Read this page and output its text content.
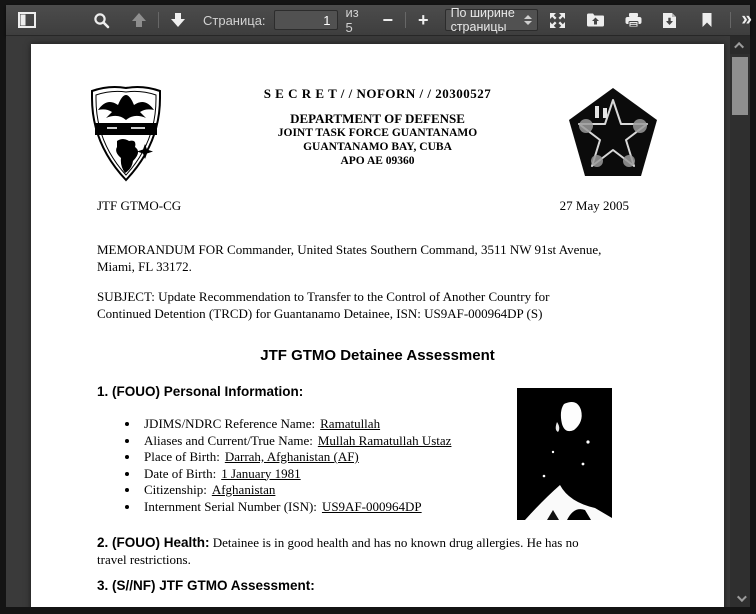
Страница:
1	из 5	− + По ширине страницы	»
S E C R E T / / NOFORN / / 20300527
DEPARTMENT OF DEFENSE
JOINT TASK FORCE GUANTANAMO
GUANTANAMO BAY, CUBA
APO AE 09360
JTF GTMO-CG	27 May 2005
MEMORANDUM FOR Commander, United States Southern Command, 3511 NW 91st Avenue,
Miami, FL 33172.
SUBJECT: Update Recommendation to Transfer to the Control of Another Country for
Continued Detention (TRCD) for Guantanamo Detainee, ISN: US9AF-000964DP (S)
JTF GTMO Detainee Assessment
1. (FOUO) Personal Information:
• JDIMS/NDRC Reference Name: Ramatullah
• Aliases and Current/True Name: Mullah Ramatullah Ustaz
• Place of Birth: Darrah, Afghanistan (AF)
• Date of Birth: 1 January 1981
• Citizenship: Afghanistan
• Internment Serial Number (ISN): US9AF-000964DP
2. (FOUO) Health: Detainee is in good health and has no known drug allergies. He has no
travel restrictions.
3. (S//NF) JTF GTMO Assessment:
